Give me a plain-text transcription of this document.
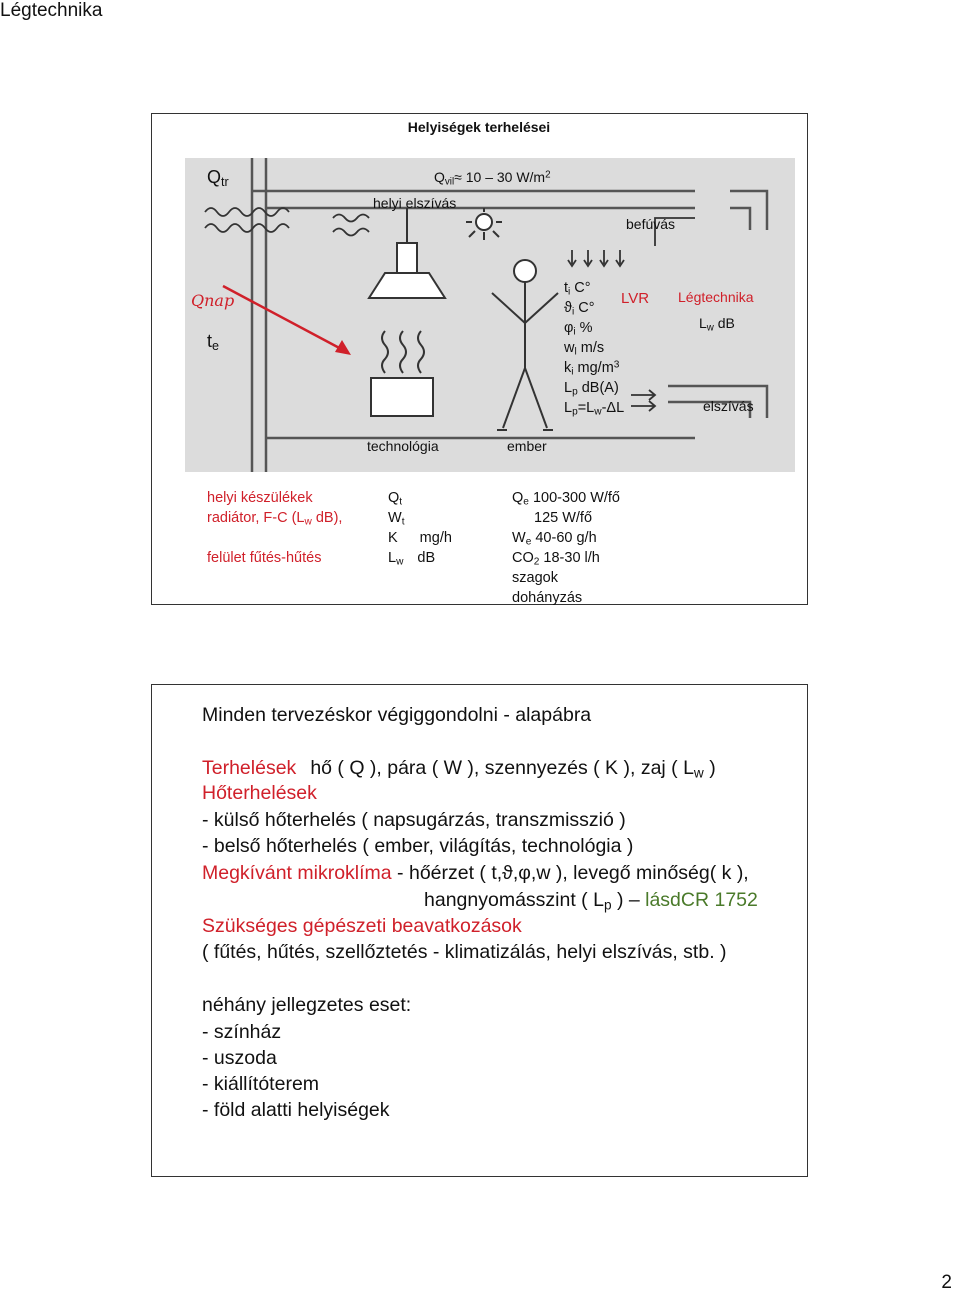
Légtechnika
Helyiségek terhelései
Qnap
$Q_{tr}$	$Q_{vil}\approx 10 - 30$ $W/m^2$
helyi elszívás
befúvás
$t_e$
LVR Légtechnika
$L_w$ dB
elszívás
technológia	ember
$t_i$ C°
$ϑ_i$ C°
$\varphi_i$ %
$w_l$ m/s
$k_i$ $mg/m^3$
$L_p$ dB(A)
$L_p=L_w-\Delta L$
helyi készülékek
radiátor, F-C ($L_w$ dB),

felület fűtés-hűtés
$Q_t$
$W_t$
K mg/h
$L_w$ dB
$Q_e$ 100-300 W/fő
125 W/fő
$W_e$ 40-60 g/h
$CO_2$ 18-30 l/h
szagok
dohányzás
Minden tervezéskor végiggondolni - alapábra
Terhelések hő ( Q ), pára ( W ), szennyezés ( K ), zaj ( $L_w$ )
Hőterhelések
- külső hőterhelés ( napsugárzás, transzmisszió )
- belső hőterhelés ( ember, világítás, technológia )
Megkívánt mikroklíma - hőérzet ( t,ϑ,φ,w ), levegő minőség( k ),
hangnyomásszint ( $L_p$ ) – lásdCR 1752
Szükséges gépészeti beavatkozások
( fűtés, hűtés, szellőztetés - klimatizálás, helyi elszívás, stb. )
néhány jellegzetes eset:
- színház
- uszoda
- kiállítóterem
- föld alatti helyiségek
2
